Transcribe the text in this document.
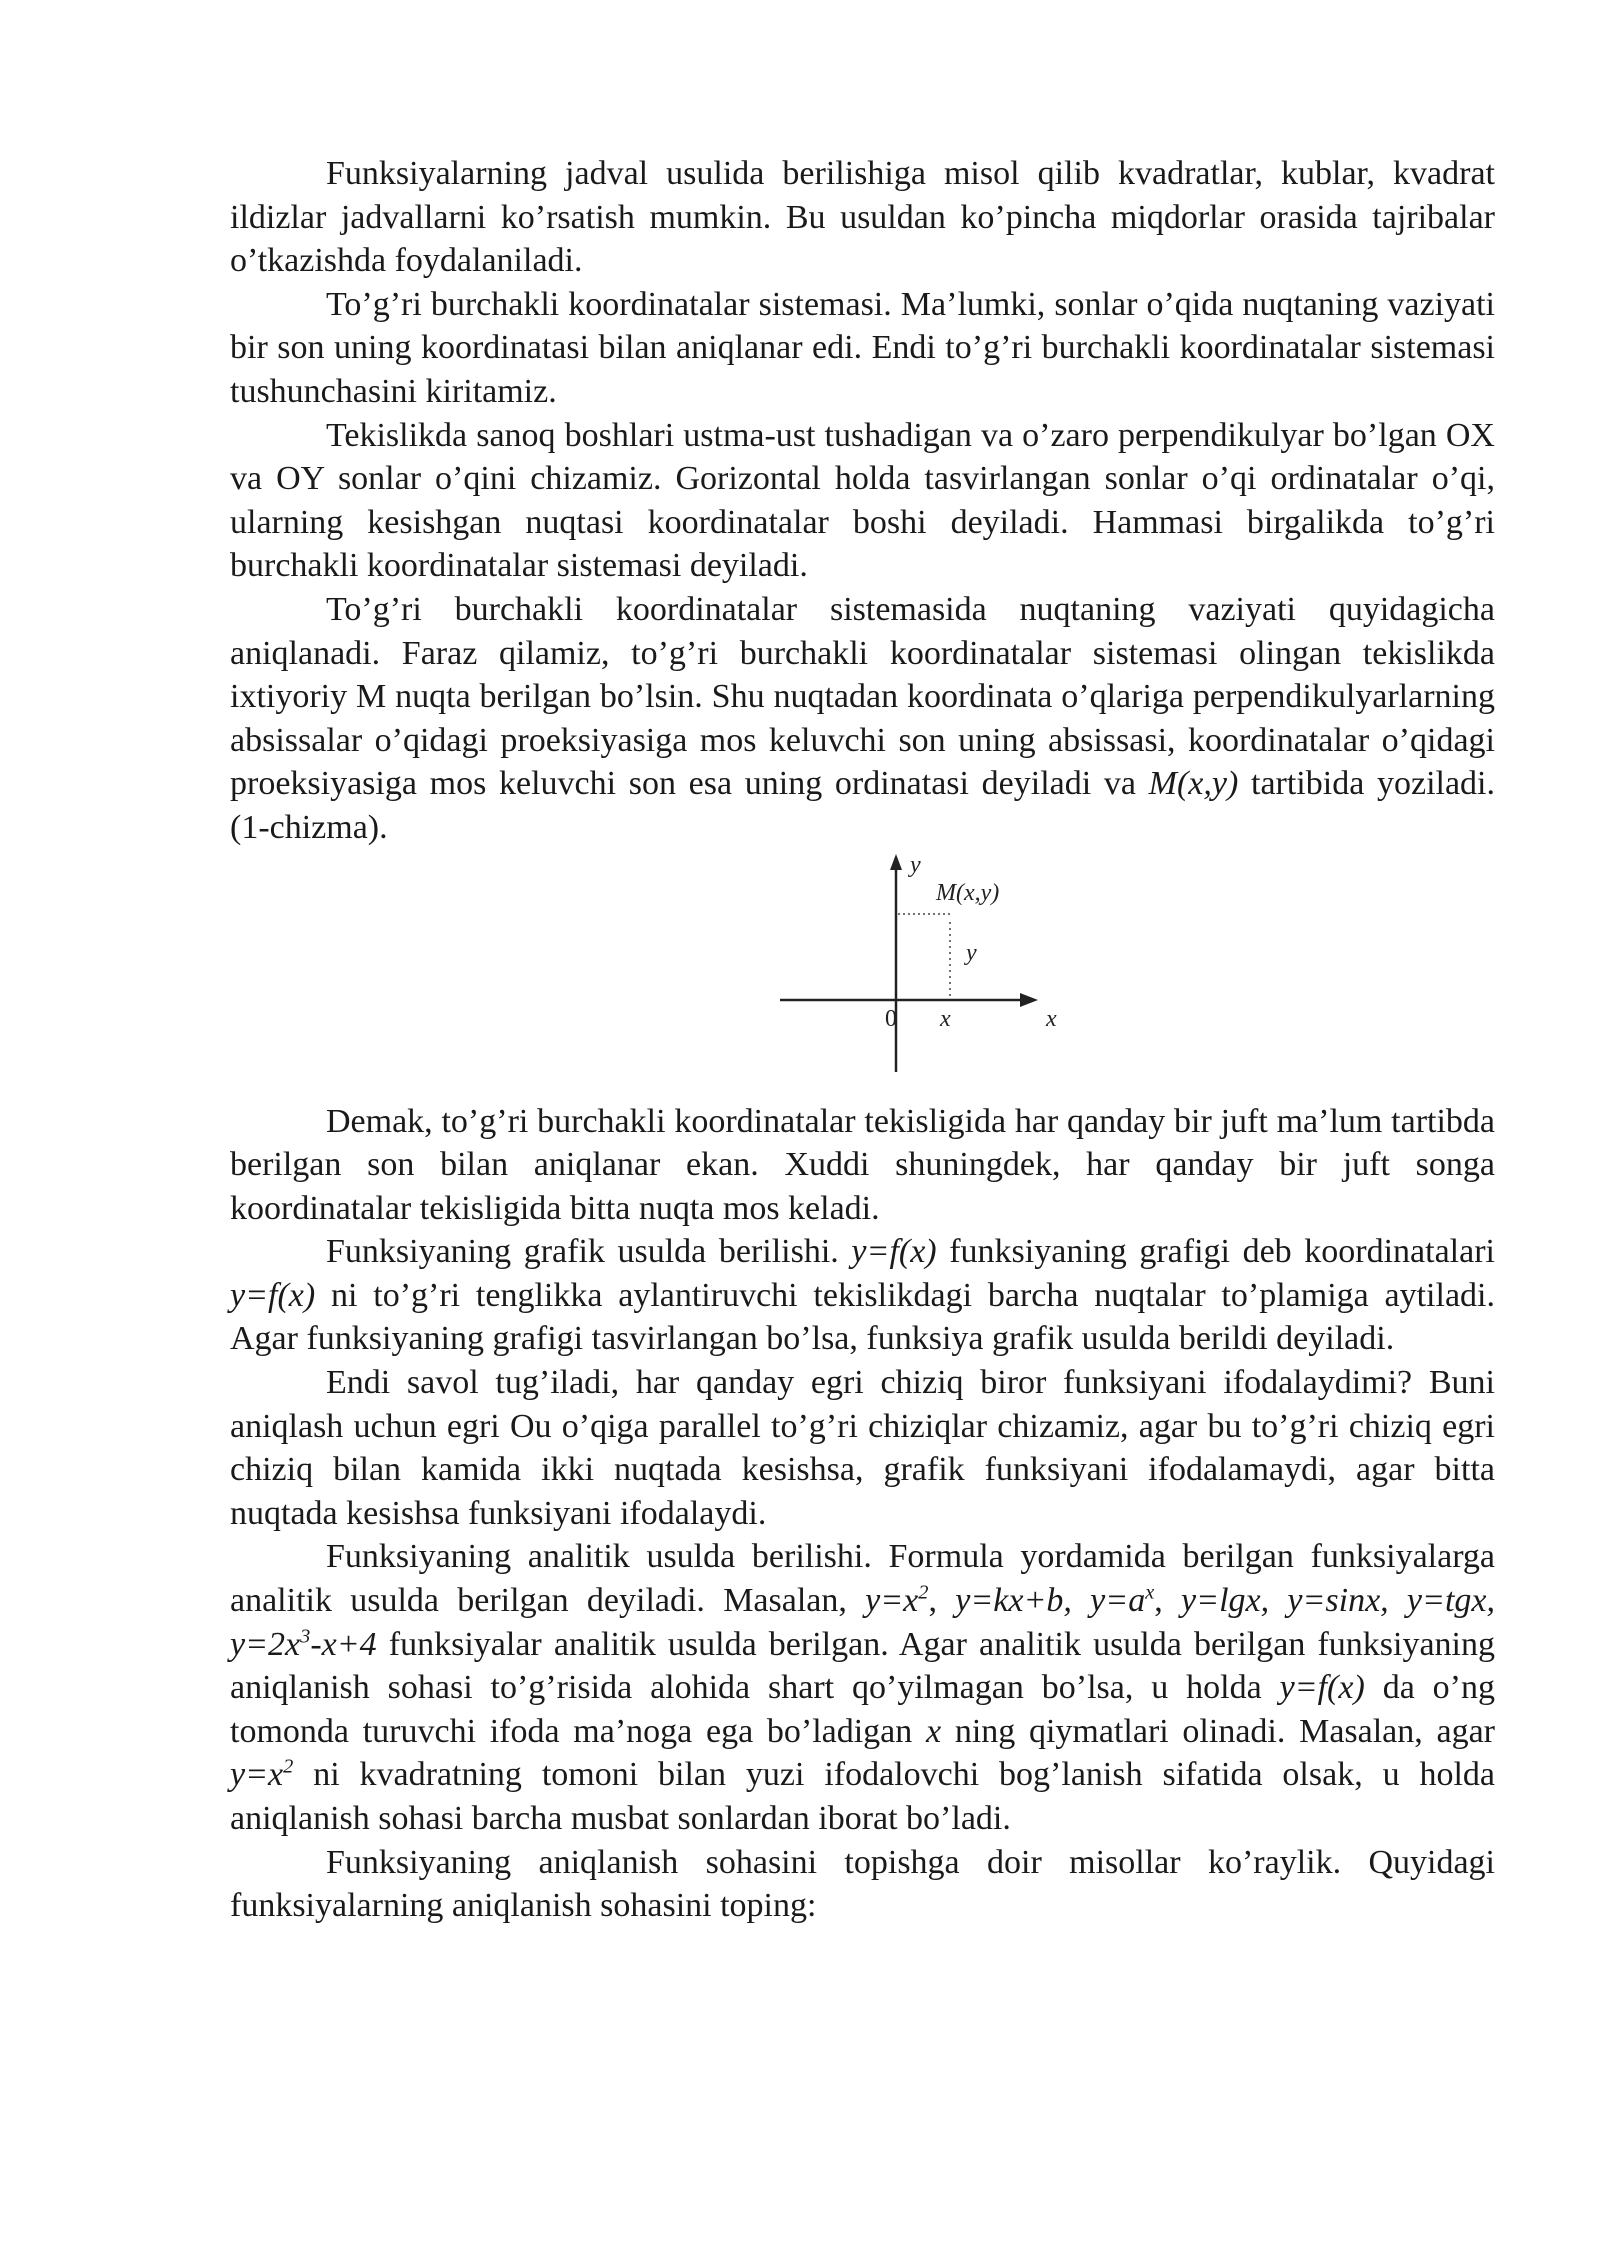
Funksiyalarning jadval usulida berilishiga misol qilib kvadratlar, kublar, kvadrat ildizlar jadvallarni ko’rsatish mumkin. Bu usuldan ko’pincha miqdorlar orasida tajribalar o’tkazishda foydalaniladi.

To’g’ri burchakli koordinatalar sistemasi. Ma’lumki, sonlar o’qida nuqtaning vaziyati bir son uning koordinatasi bilan aniqlanar edi. Endi to’g’ri burchakli koordinatalar sistemasi tushunchasini kiritamiz.

Tekislikda sanoq boshlari ustma-ust tushadigan va o’zaro perpendikulyar bo’lgan OX va OY sonlar o’qini chizamiz. Gorizontal holda tasvirlangan sonlar o’qi ordinatalar o’qi, ularning kesishgan nuqtasi koordinatalar boshi deyiladi. Hammasi birgalikda to’g’ri burchakli koordinatalar sistemasi deyiladi.

To’g’ri burchakli koordinatalar sistemasida nuqtaning vaziyati quyidagicha aniqlanadi. Faraz qilamiz, to’g’ri burchakli koordinatalar sistemasi olingan tekislikda ixtiyoriy M nuqta berilgan bo’lsin. Shu nuqtadan koordinata o’qlariga perpendikulyarlarning absissalar o’qidagi proeksiyasiga mos keluvchi son uning absissasi, koordinatalar o’qidagi proeksiyasiga mos keluvchi son esa uning ordinatasi deyiladi va M(x,y) tartibida yoziladi. (1-chizma).

y
M(x,y)
y
0 x	x

Demak, to’g’ri burchakli koordinatalar tekisligida har qanday bir juft ma’lum tartibda berilgan son bilan aniqlanar ekan. Xuddi shuningdek, har qanday bir juft songa koordinatalar tekisligida bitta nuqta mos keladi.

Funksiyaning grafik usulda berilishi. y=f(x) funksiyaning grafigi deb koordinatalari y=f(x) ni to’g’ri tenglikka aylantiruvchi tekislikdagi barcha nuqtalar to’plamiga aytiladi. Agar funksiyaning grafigi tasvirlangan bo’lsa, funksiya grafik usulda berildi deyiladi.

Endi savol tug’iladi, har qanday egri chiziq biror funksiyani ifodalaydimi? Buni aniqlash uchun egri Ou o’qiga parallel to’g’ri chiziqlar chizamiz, agar bu to’g’ri chiziq egri chiziq bilan kamida ikki nuqtada kesishsa, grafik funksiyani ifodalamaydi, agar bitta nuqtada kesishsa funksiyani ifodalaydi.

Funksiyaning analitik usulda berilishi. Formula yordamida berilgan funksiyalarga analitik usulda berilgan deyiladi. Masalan, $y=x^2$, y=kx+b, $y=a^x$, y=lgx, y=sinx, y=tgx, $y=2x^3-x+4$ funksiyalar analitik usulda berilgan. Agar analitik usulda berilgan funksiyaning aniqlanish sohasi to’g’risida alohida shart qo’yilmagan bo’lsa, u holda y=f(x) da o’ng tomonda turuvchi ifoda ma’noga ega bo’ladigan x ning qiymatlari olinadi. Masalan, agar $y=x^2$ ni kvadratning tomoni bilan yuzi ifodalovchi bog’lanish sifatida olsak, u holda aniqlanish sohasi barcha musbat sonlardan iborat bo’ladi.

Funksiyaning aniqlanish sohasini topishga doir misollar ko’raylik. Quyidagi funksiyalarning aniqlanish sohasini toping:
